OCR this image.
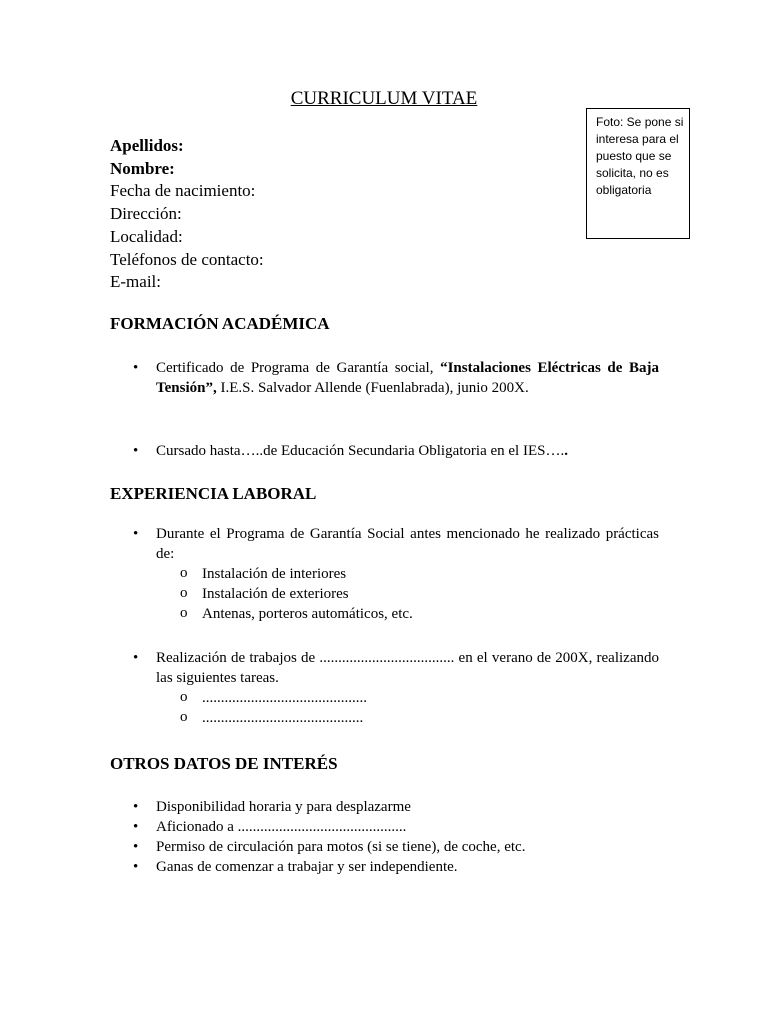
CURRICULUM VITAE
Foto: Se pone si interesa para el puesto que se solicita, no es obligatoria
Apellidos:
Nombre:
Fecha de nacimiento:
Dirección:
Localidad:
Teléfonos de contacto:
E-mail:
FORMACIÓN ACADÉMICA
• Certificado de Programa de Garantía social, “Instalaciones Eléctricas de Baja Tensión”, I.E.S. Salvador Allende (Fuenlabrada), junio 200X.
• Cursado hasta…..de Educación Secundaria Obligatoria en el IES…..
EXPERIENCIA LABORAL
• Durante el Programa de Garantía Social antes mencionado he realizado prácticas de:
o Instalación de interiores
o Instalación de exteriores
o Antenas, porteros automáticos, etc.
• Realización de trabajos de .................................... en el verano de 200X, realizando las siguientes tareas.
o ............................................
o ...........................................
OTROS DATOS DE INTERÉS
• Disponibilidad horaria y para desplazarme
• Aficionado a .............................................
• Permiso de circulación para motos (si se tiene), de coche, etc.
• Ganas de comenzar a trabajar y ser independiente.
